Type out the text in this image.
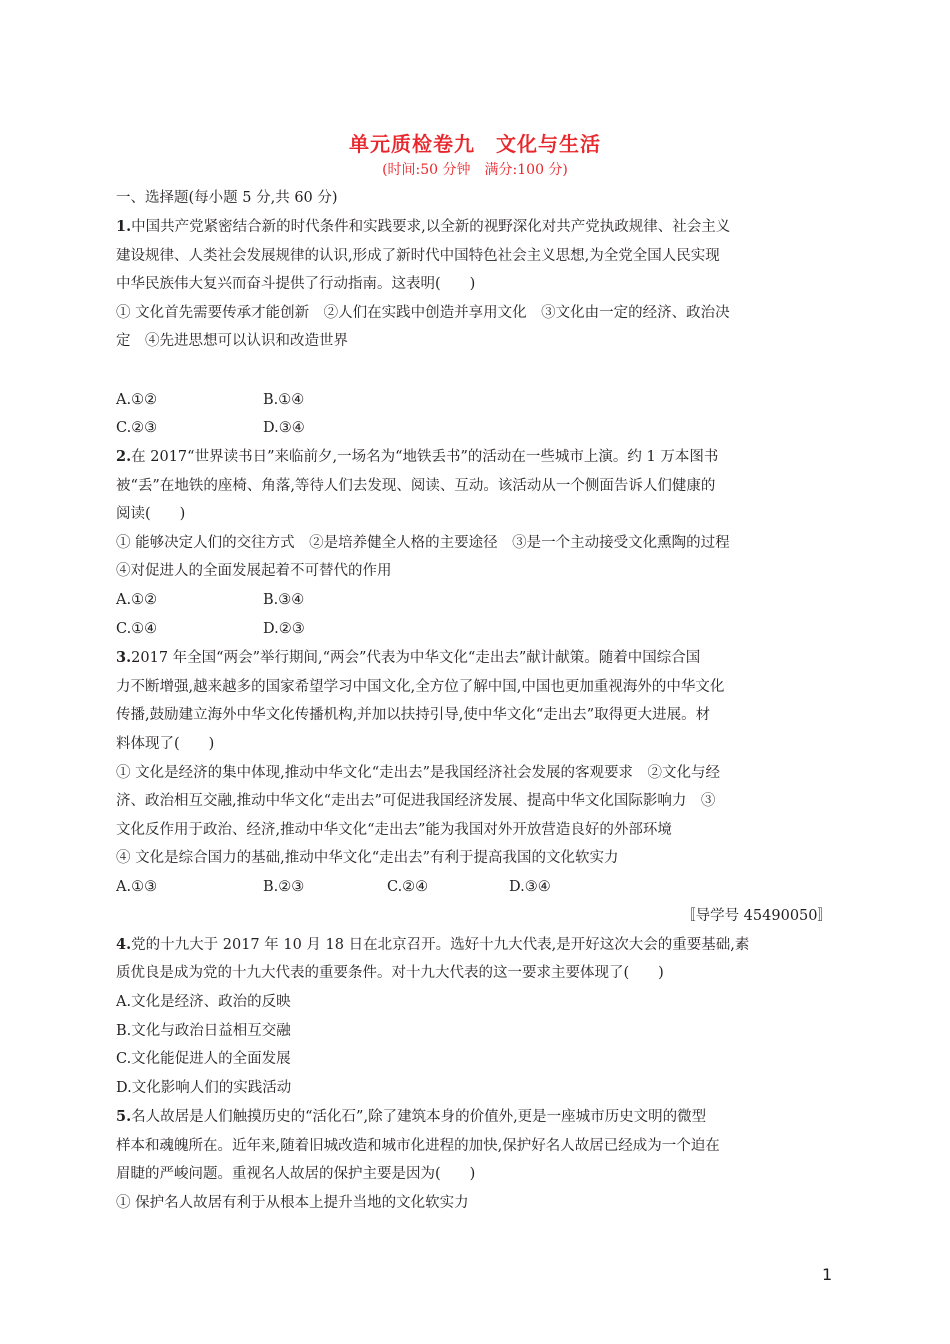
单元质检卷九　文化与生活
(时间:50 分钟　满分:100 分)
一、选择题(每小题 5 分,共 60 分)
1.中国共产党紧密结合新的时代条件和实践要求,以全新的视野深化对共产党执政规律、社会主义
建设规律、人类社会发展规律的认识,形成了新时代中国特色社会主义思想,为全党全国人民实现
中华民族伟大复兴而奋斗提供了行动指南。这表明(　　)
① 文化首先需要传承才能创新　②人们在实践中创造并享用文化　③文化由一定的经济、政治决
定　④先进思想可以认识和改造世界
A.①②	B.①④
C.②③	D.③④
2.在 2017“世界读书日”来临前夕,一场名为“地铁丢书”的活动在一些城市上演。约 1 万本图书
被“丢”在地铁的座椅、角落,等待人们去发现、阅读、互动。该活动从一个侧面告诉人们健康的
阅读(　　)
① 能够决定人们的交往方式　②是培养健全人格的主要途径　③是一个主动接受文化熏陶的过程
④对促进人的全面发展起着不可替代的作用
A.①②	B.③④
C.①④	D.②③
3.2017 年全国“两会”举行期间,“两会”代表为中华文化“走出去”献计献策。随着中国综合国
力不断增强,越来越多的国家希望学习中国文化,全方位了解中国,中国也更加重视海外的中华文化
传播,鼓励建立海外中华文化传播机构,并加以扶持引导,使中华文化“走出去”取得更大进展。材
料体现了(　　)
① 文化是经济的集中体现,推动中华文化“走出去”是我国经济社会发展的客观要求　②文化与经
济、政治相互交融,推动中华文化“走出去”可促进我国经济发展、提高中华文化国际影响力　③
文化反作用于政治、经济,推动中华文化“走出去”能为我国对外开放营造良好的外部环境
④ 文化是综合国力的基础,推动中华文化“走出去”有利于提高我国的文化软实力
A.①③	B.②③	C.②④	D.③④
〚导学号 45490050〛
4.党的十九大于 2017 年 10 月 18 日在北京召开。选好十九大代表,是开好这次大会的重要基础,素
质优良是成为党的十九大代表的重要条件。对十九大代表的这一要求主要体现了(　　)
A.文化是经济、政治的反映
B.文化与政治日益相互交融
C.文化能促进人的全面发展
D.文化影响人们的实践活动
5.名人故居是人们触摸历史的“活化石”,除了建筑本身的价值外,更是一座城市历史文明的微型
样本和魂魄所在。近年来,随着旧城改造和城市化进程的加快,保护好名人故居已经成为一个迫在
眉睫的严峻问题。重视名人故居的保护主要是因为(　　)
① 保护名人故居有利于从根本上提升当地的文化软实力
1
